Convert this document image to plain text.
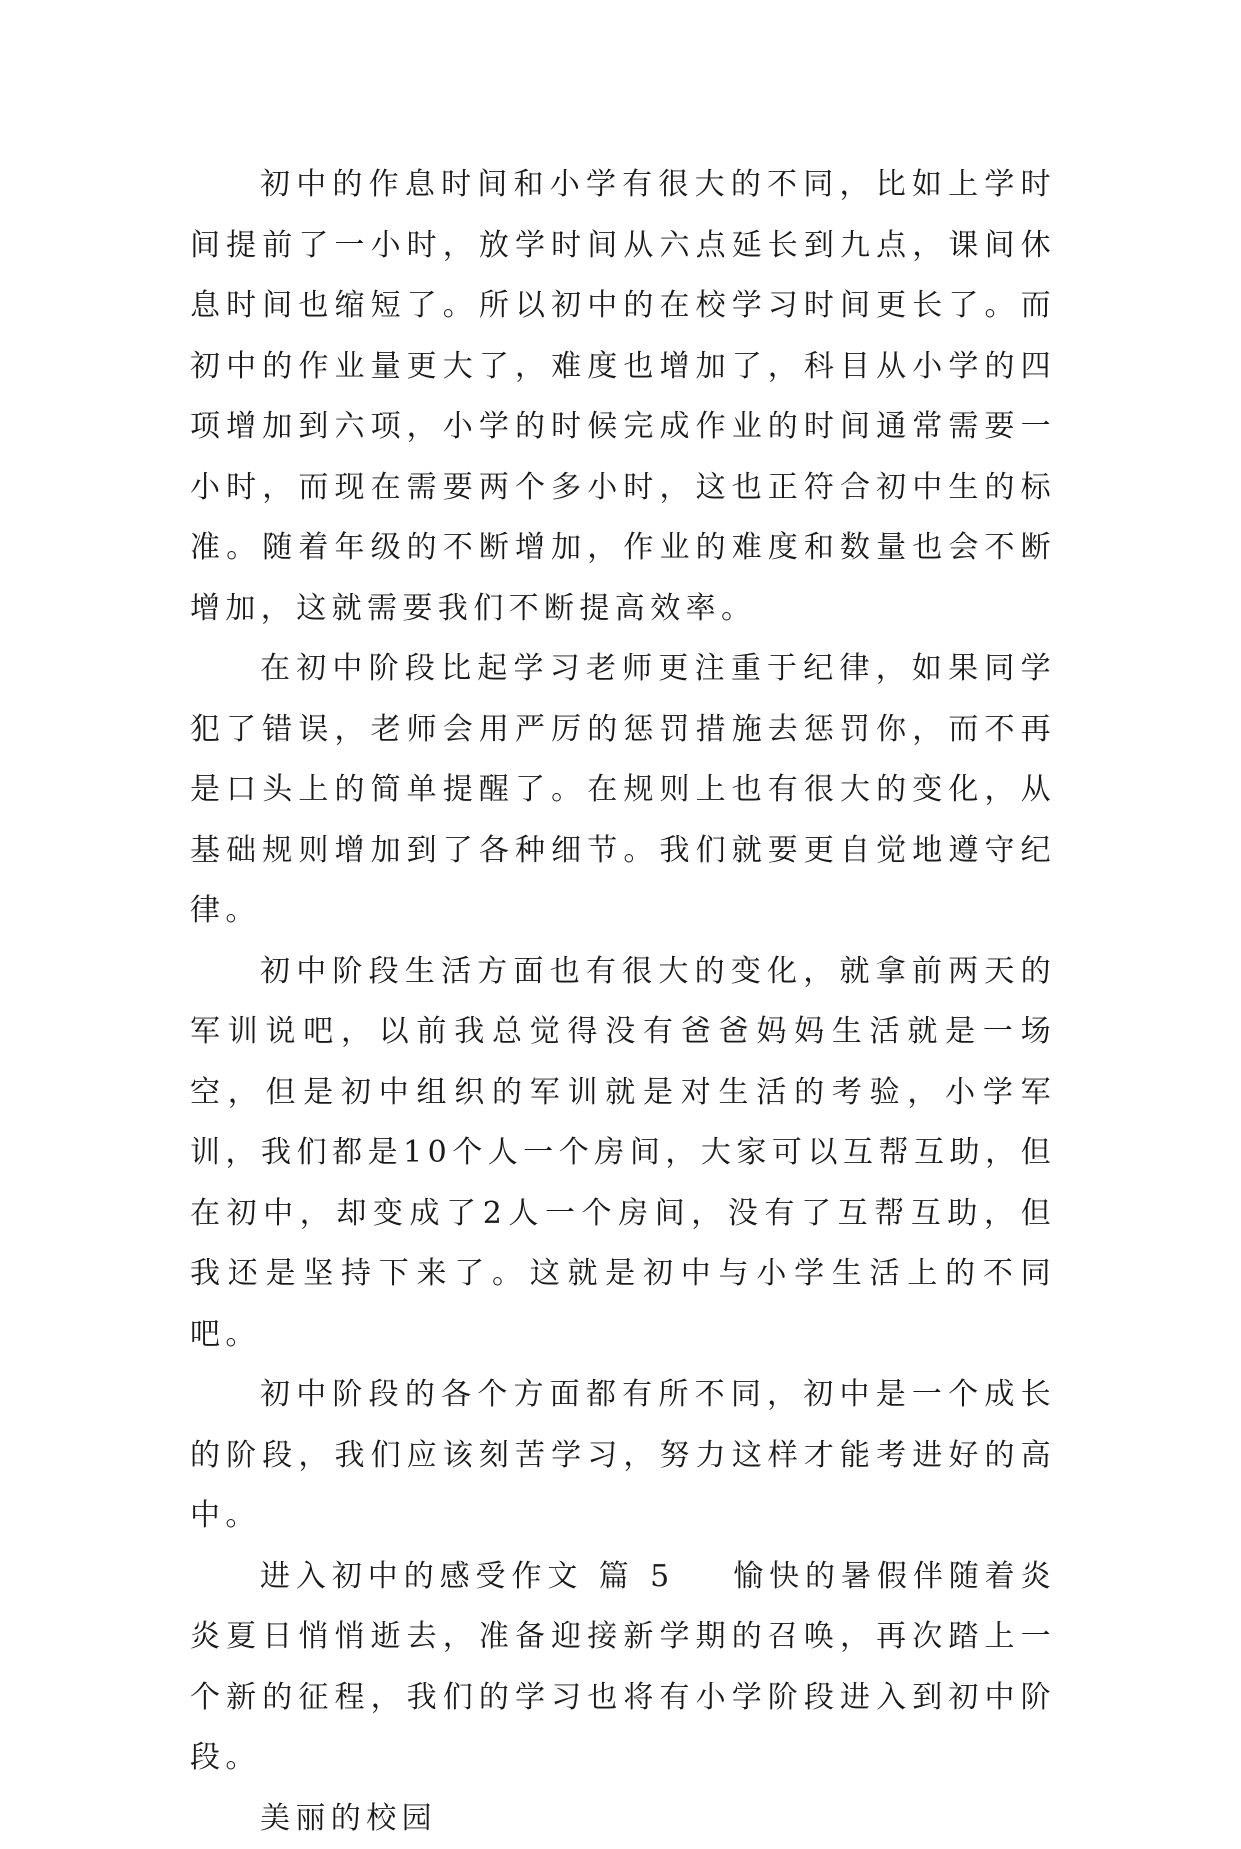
初中的作息时间和小学有很大的不同，比如上学时间提前了一小时，放学时间从六点延长到九点，课间休息时间也缩短了。所以初中的在校学习时间更长了。而初中的作业量更大了，难度也增加了，科目从小学的四项增加到六项，小学的时候完成作业的时间通常需要一小时，而现在需要两个多小时，这也正符合初中生的标准。随着年级的不断增加，作业的难度和数量也会不断增加，这就需要我们不断提高效率。

在初中阶段比起学习老师更注重于纪律，如果同学犯了错误，老师会用严厉的惩罚措施去惩罚你，而不再是口头上的简单提醒了。在规则上也有很大的变化，从基础规则增加到了各种细节。我们就要更自觉地遵守纪律。

初中阶段生活方面也有很大的变化，就拿前两天的军训说吧，以前我总觉得没有爸爸妈妈生活就是一场空，但是初中组织的军训就是对生活的考验，小学军训，我们都是10个人一个房间，大家可以互帮互助，但在初中，却变成了2人一个房间，没有了互帮互助，但我还是坚持下来了。这就是初中与小学生活上的不同吧。

初中阶段的各个方面都有所不同，初中是一个成长的阶段，我们应该刻苦学习，努力这样才能考进好的高中。

进入初中的感受作文 篇 5 愉快的暑假伴随着炎炎夏日悄悄逝去，准备迎接新学期的召唤，再次踏上一个新的征程，我们的学习也将有小学阶段进入到初中阶段。

美丽的校园
